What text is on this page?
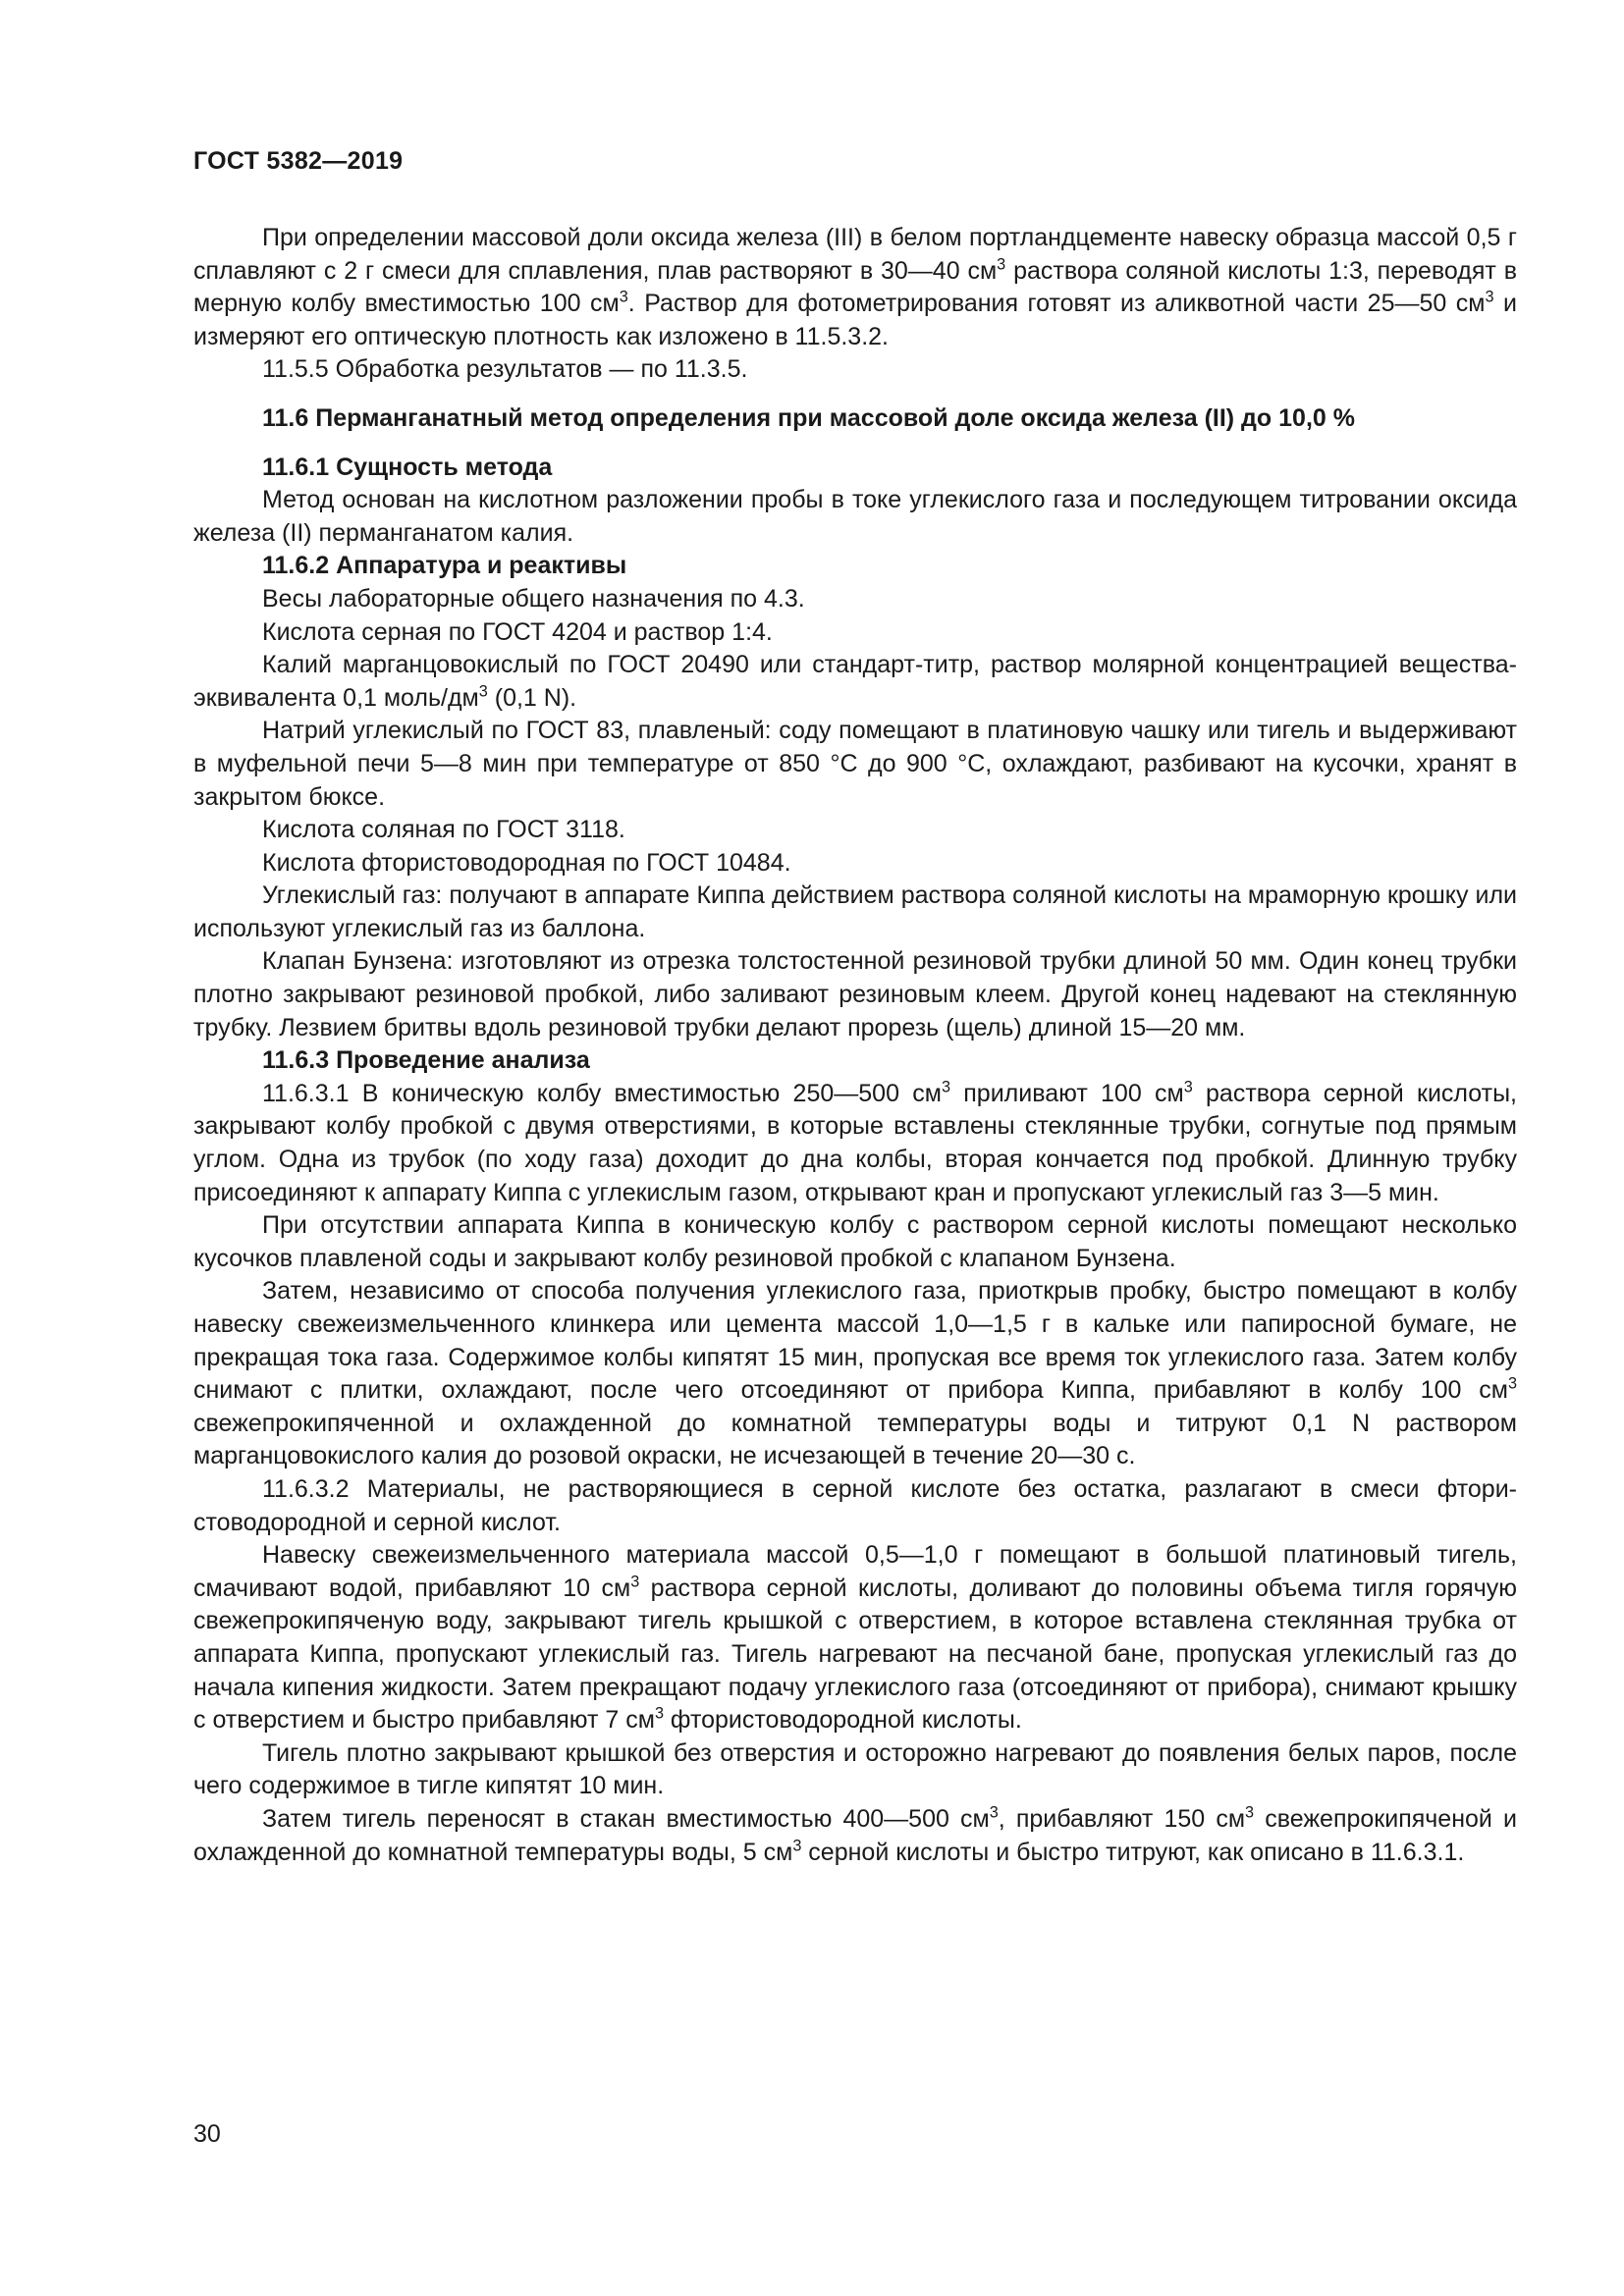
ГОСТ 5382—2019

При определении массовой доли оксида железа (III) в белом портландцементе навеску образца массой 0,5 г сплавляют с 2 г смеси для сплавления, плав растворяют в 30—40 $см^3$ раствора соляной кислоты 1:3, переводят в мерную колбу вместимостью 100 $см^3$. Раствор для фотометрирования готовят из аликвотной части 25—50 $см^3$ и измеряют его оптическую плотность как изложено в 11.5.3.2.

11.5.5 Обработка результатов — по 11.3.5.

11.6 Перманганатный метод определения при массовой доле оксида железа (II) до 10,0 %

11.6.1 Сущность метода

Метод основан на кислотном разложении пробы в токе углекислого газа и последующем титровании оксида железа (II) перманганатом калия.

11.6.2 Аппаратура и реактивы

Весы лабораторные общего назначения по 4.3.

Кислота серная по ГОСТ 4204 и раствор 1:4.

Калий марганцовокислый по ГОСТ 20490 или стандарт-титр, раствор молярной концентрацией вещества-эквивалента 0,1 моль/$дм^3$ (0,1 N).

Натрий углекислый по ГОСТ 83, плавленый: соду помещают в платиновую чашку или тигель и выдерживают в муфельной печи 5—8 мин при температуре от 850 °С до 900 °С, охлаждают, разбивают на кусочки, хранят в закрытом бюксе.

Кислота соляная по ГОСТ 3118.

Кислота фтористоводородная по ГОСТ 10484.

Углекислый газ: получают в аппарате Киппа действием раствора соляной кислоты на мраморную крошку или используют углекислый газ из баллона.

Клапан Бунзена: изготовляют из отрезка толстостенной резиновой трубки длиной 50 мм. Один конец трубки плотно закрывают резиновой пробкой, либо заливают резиновым клеем. Другой конец надевают на стеклянную трубку. Лезвием бритвы вдоль резиновой трубки делают прорезь (щель) длиной 15—20 мм.

11.6.3 Проведение анализа

11.6.3.1 В коническую колбу вместимостью 250—500 $см^3$ приливают 100 $см^3$ раствора серной кислоты, закрывают колбу пробкой с двумя отверстиями, в которые вставлены стеклянные трубки, согнутые под прямым углом. Одна из трубок (по ходу газа) доходит до дна колбы, вторая кончается под пробкой. Длинную трубку присоединяют к аппарату Киппа с углекислым газом, открывают кран и пропускают углекислый газ 3—5 мин.

При отсутствии аппарата Киппа в коническую колбу с раствором серной кислоты помещают несколько кусочков плавленой соды и закрывают колбу резиновой пробкой с клапаном Бунзена.

Затем, независимо от способа получения углекислого газа, приоткрыв пробку, быстро помещают в колбу навеску свежеизмельченного клинкера или цемента массой 1,0—1,5 г в кальке или папиросной бумаге, не прекращая тока газа. Содержимое колбы кипятят 15 мин, пропуская все время ток углекислого газа. Затем колбу снимают с плитки, охлаждают, после чего отсоединяют от прибора Киппа, прибавляют в колбу 100 $см^3$ свежепрокипяченной и охлажденной до комнатной температуры воды и титруют 0,1 N раствором марганцовокислого калия до розовой окраски, не исчезающей в течение 20—30 с.

11.6.3.2 Материалы, не растворяющиеся в серной кислоте без остатка, разлагают в смеси фтористоводородной и серной кислот.

Навеску свежеизмельченного материала массой 0,5—1,0 г помещают в большой платиновый тигель, смачивают водой, прибавляют 10 $см^3$ раствора серной кислоты, доливают до половины объема тигля горячую свежепрокипяченую воду, закрывают тигель крышкой с отверстием, в которое вставлена стеклянная трубка от аппарата Киппа, пропускают углекислый газ. Тигель нагревают на песчаной бане, пропуская углекислый газ до начала кипения жидкости. Затем прекращают подачу углекислого газа (отсоединяют от прибора), снимают крышку с отверстием и быстро прибавляют 7 $см^3$ фтористоводородной кислоты.

Тигель плотно закрывают крышкой без отверстия и осторожно нагревают до появления белых паров, после чего содержимое в тигле кипятят 10 мин.

Затем тигель переносят в стакан вместимостью 400—500 $см^3$, прибавляют 150 $см^3$ свежепрокипяченой и охлажденной до комнатной температуры воды, 5 $см^3$ серной кислоты и быстро титруют, как описано в 11.6.3.1.

30
